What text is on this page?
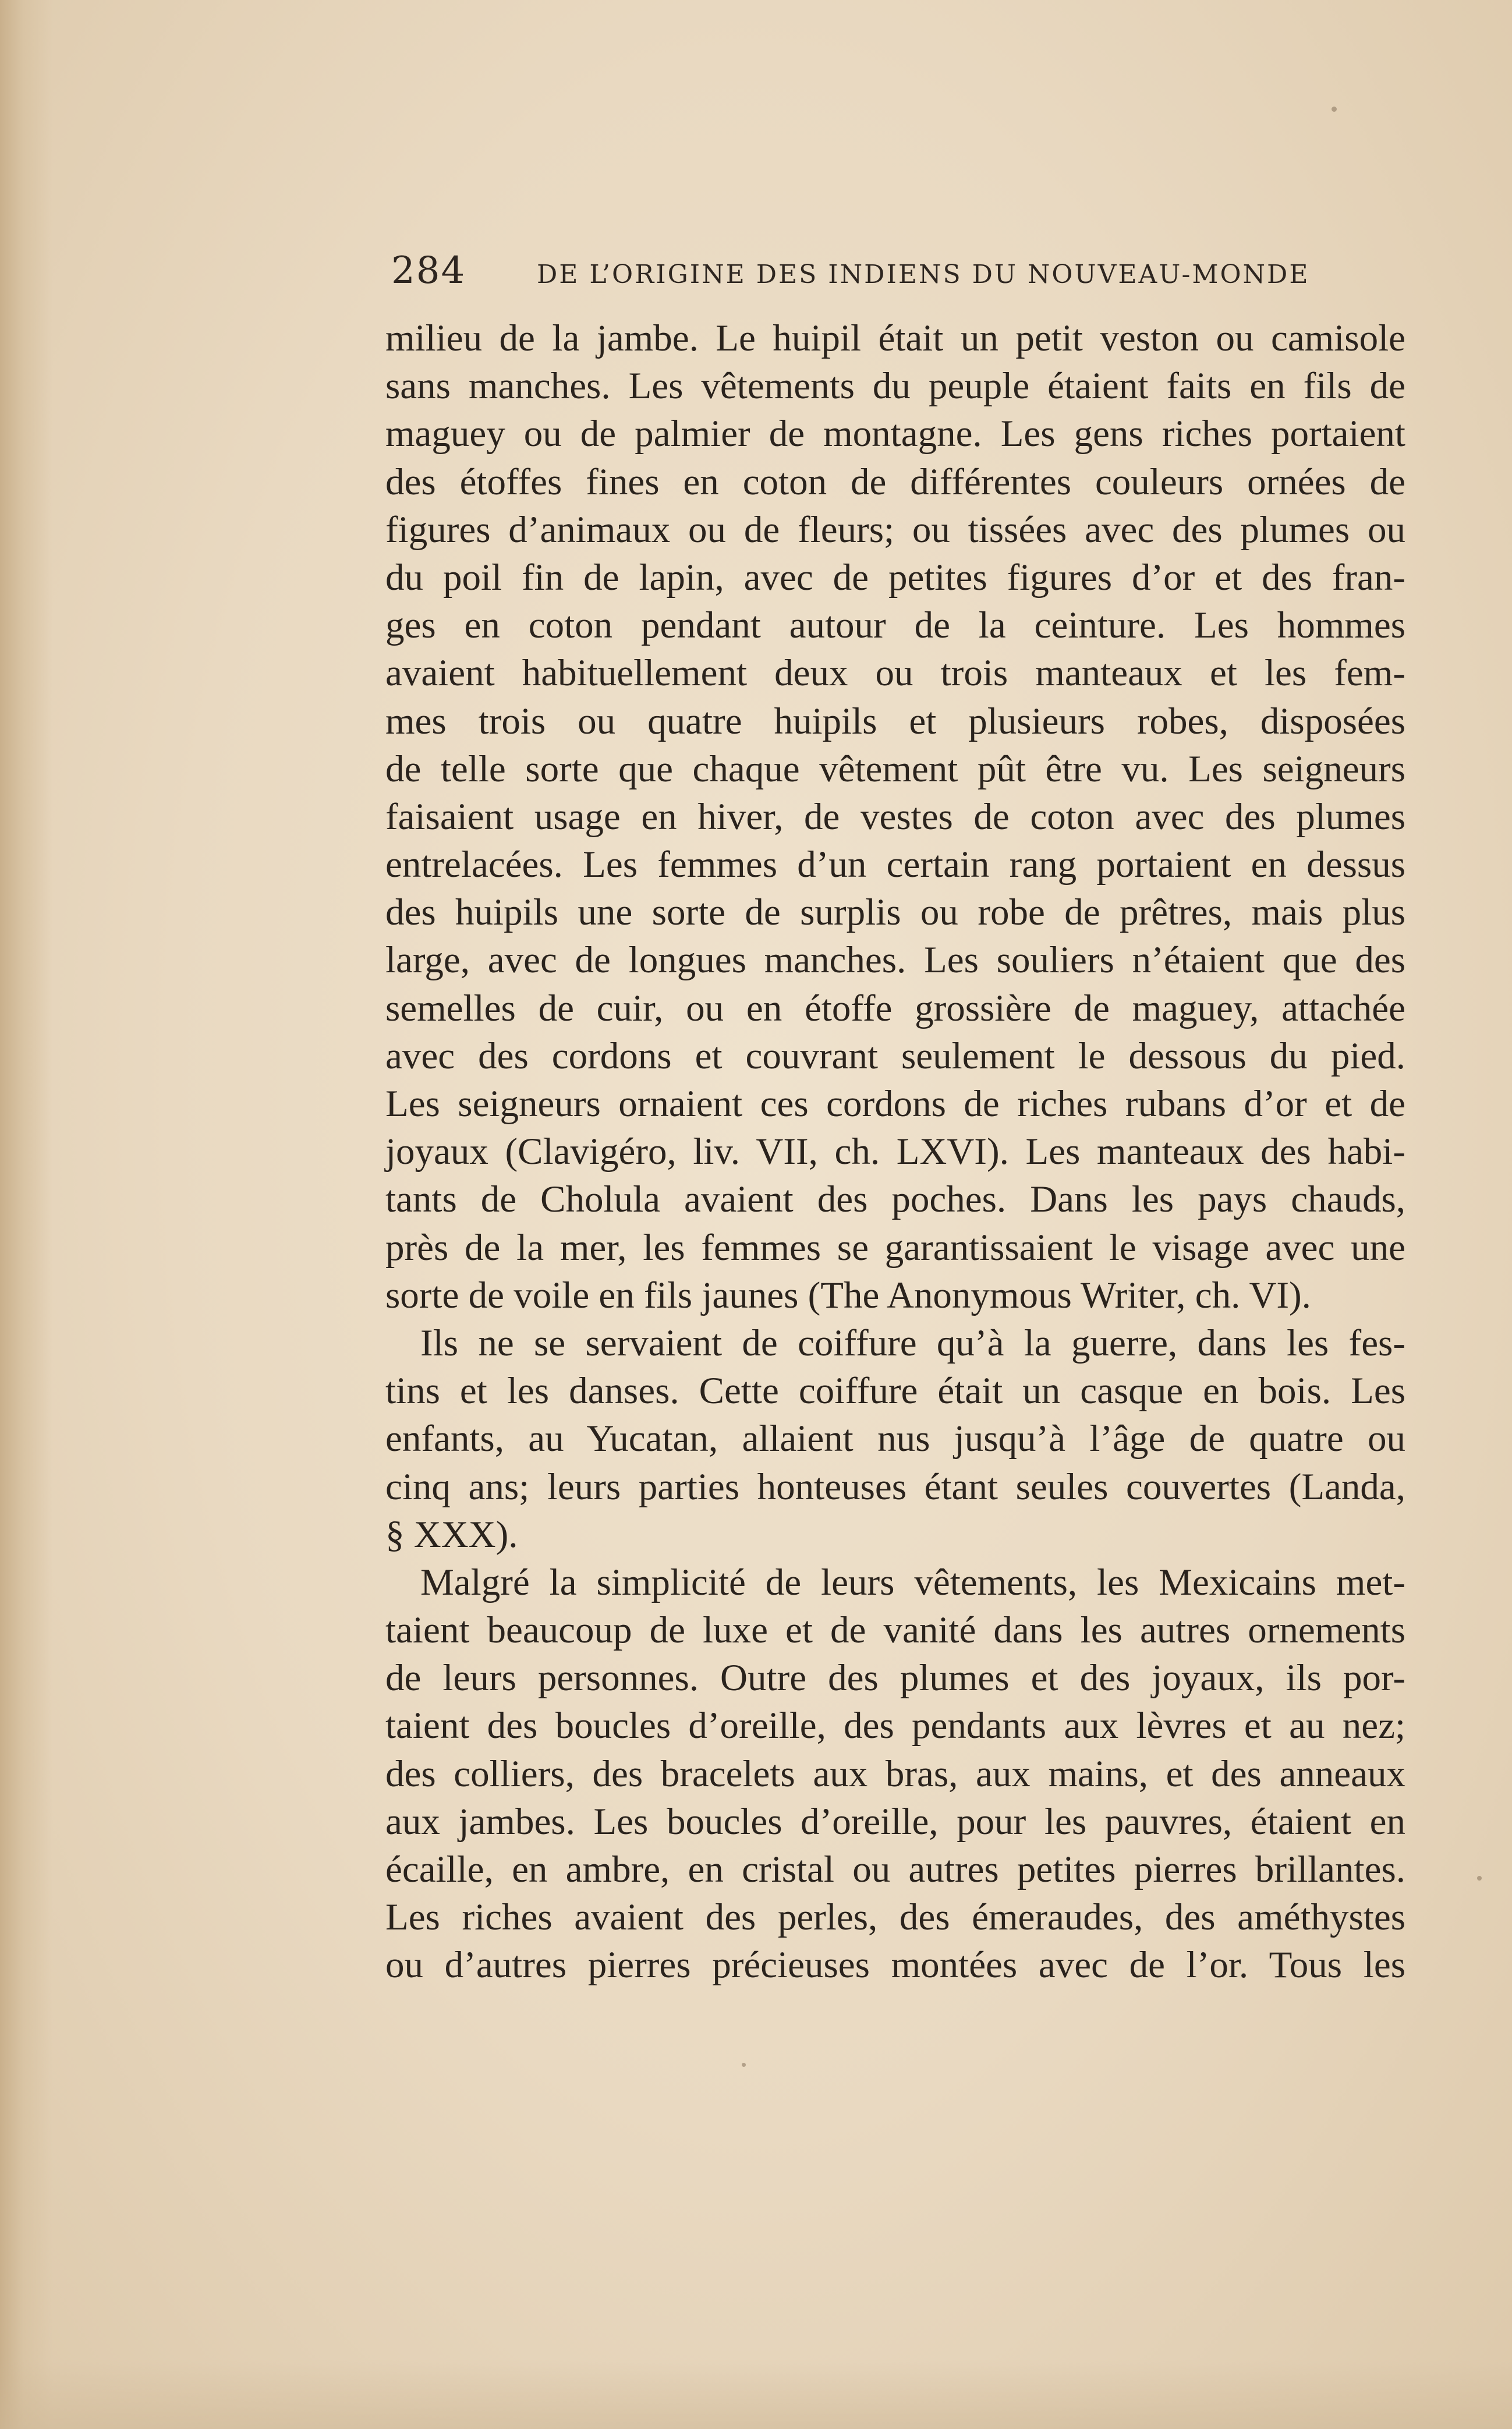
284	DE L’ORIGINE DES INDIENS DU NOUVEAU-MONDE
milieu de la jambe. Le huipil était un petit veston ou camisole
sans manches. Les vêtements du peuple étaient faits en fils de
maguey ou de palmier de montagne. Les gens riches portaient
des étoffes fines en coton de différentes couleurs ornées de
figures d’animaux ou de fleurs; ou tissées avec des plumes ou
du poil fin de lapin, avec de petites figures d’or et des fran-
ges en coton pendant autour de la ceinture. Les hommes
avaient habituellement deux ou trois manteaux et les fem-
mes trois ou quatre huipils et plusieurs robes, disposées
de telle sorte que chaque vêtement pût être vu. Les seigneurs
faisaient usage en hiver, de vestes de coton avec des plumes
entrelacées. Les femmes d’un certain rang portaient en dessus
des huipils une sorte de surplis ou robe de prêtres, mais plus
large, avec de longues manches. Les souliers n’étaient que des
semelles de cuir, ou en étoffe grossière de maguey, attachée
avec des cordons et couvrant seulement le dessous du pied.
Les seigneurs ornaient ces cordons de riches rubans d’or et de
joyaux (Clavigéro, liv. VII, ch. LXVI). Les manteaux des habi-
tants de Cholula avaient des poches. Dans les pays chauds,
près de la mer, les femmes se garantissaient le visage avec une
sorte de voile en fils jaunes (The Anonymous Writer, ch. VI).
Ils ne se servaient de coiffure qu’à la guerre, dans les fes-
tins et les danses. Cette coiffure était un casque en bois. Les
enfants, au Yucatan, allaient nus jusqu’à l’âge de quatre ou
cinq ans; leurs parties honteuses étant seules couvertes (Landa,
§ XXX).
Malgré la simplicité de leurs vêtements, les Mexicains met-
taient beaucoup de luxe et de vanité dans les autres ornements
de leurs personnes. Outre des plumes et des joyaux, ils por-
taient des boucles d’oreille, des pendants aux lèvres et au nez;
des colliers, des bracelets aux bras, aux mains, et des anneaux
aux jambes. Les boucles d’oreille, pour les pauvres, étaient en
écaille, en ambre, en cristal ou autres petites pierres brillantes.
Les riches avaient des perles, des émeraudes, des améthystes
ou d’autres pierres précieuses montées avec de l’or. Tous les
